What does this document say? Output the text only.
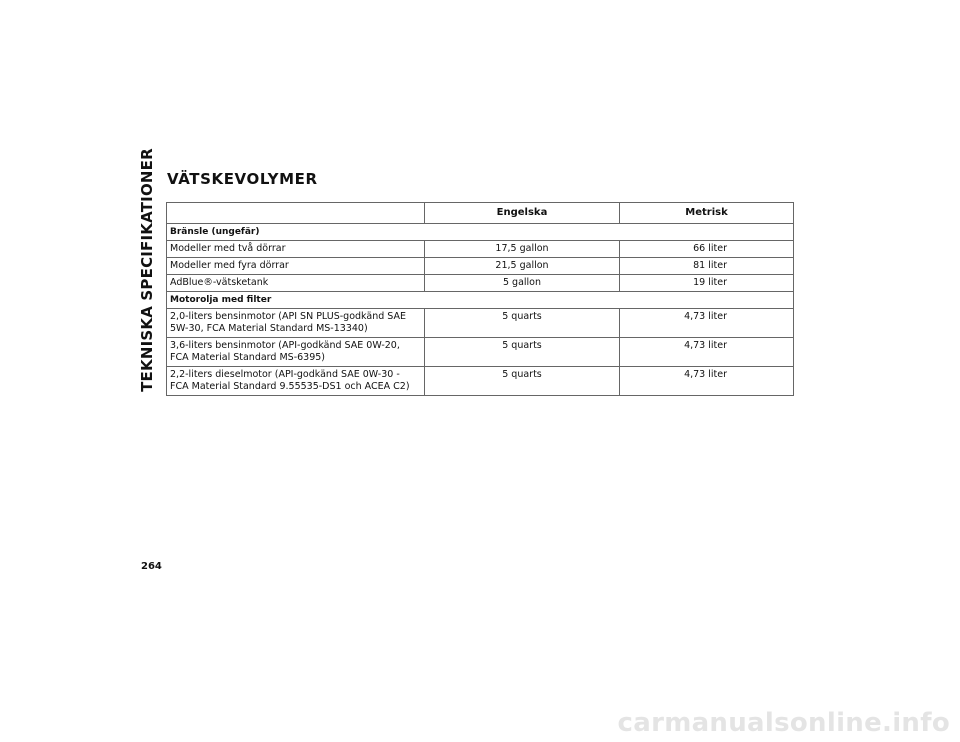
TEKNISKA SPECIFIKATIONER VÄTSKEVOLYMER
	Engelska	Metrisk
Bränsle (ungefär)		
Modeller med två dörrar	17,5 gallon	66 liter
Modeller med fyra dörrar	21,5 gallon	81 liter
AdBlue®-vätsketank	5 gallon	19 liter
Motorolja med filter		
2,0-liters bensinmotor (API SN PLUS-godkänd SAE 5W-30, FCA Material Standard MS-13340)	5 quarts	4,73 liter
3,6-liters bensinmotor (API-godkänd SAE 0W-20, FCA Material Standard MS-6395)	5 quarts	4,73 liter
2,2-liters dieselmotor (API-godkänd SAE 0W-30 - FCA Material Standard 9.55535-DS1 och ACEA C2)	5 quarts	4,73 liter
264
carmanualsonline.info
